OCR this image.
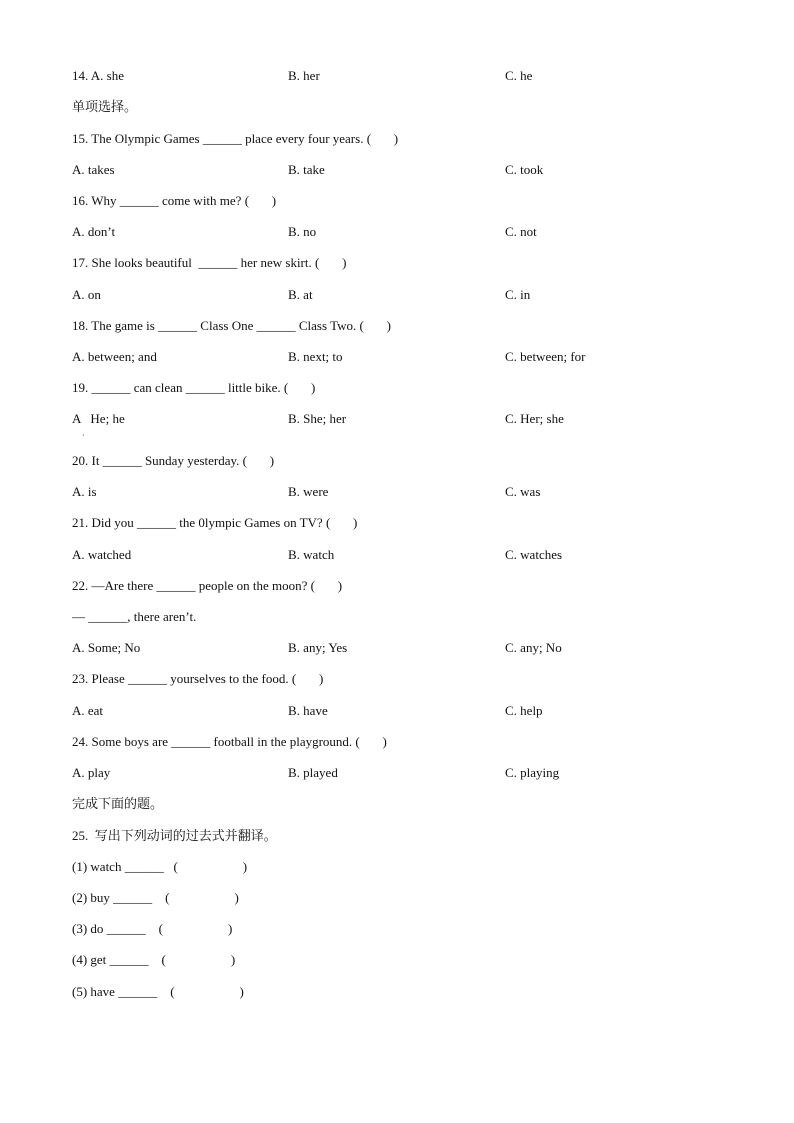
14. A. she	B. her	C. he
单项选择。
15. The Olympic Games ______ place every four years. (       )
A. takes	B. take	C. took
16. Why ______ come with me? (       )
A. don’t	B. no	C. not
17. She looks beautiful  ______ her new skirt. (       )
A. on	B. at	C. in
18. The game is ______ Class One ______ Class Two. (       )
A. between; and	B. next; to	C. between; for
19. ______ can clean ______ little bike. (       )
A   He; he	B. She; her	C. Her; she
·
20. It ______ Sunday yesterday. (       )
A. is	B. were	C. was
21. Did you ______ the 0lympic Games on TV? (       )
A. watched	B. watch	C. watches
22. —Are there ______ people on the moon? (       )
— ______, there aren’t.
A. Some; No	B. any; Yes	C. any; No
23. Please ______ yourselves to the food. (       )
A. eat	B. have	C. help
24. Some boys are ______ football in the playground. (       )
A. play	B. played	C. playing
完成下面的题。
25.  写出下列动词的过去式并翻译。
(1) watch ______   (                    )
(2) buy ______    (                    )
(3) do ______    (                    )
(4) get ______    (                    )
(5) have ______    (                    )
